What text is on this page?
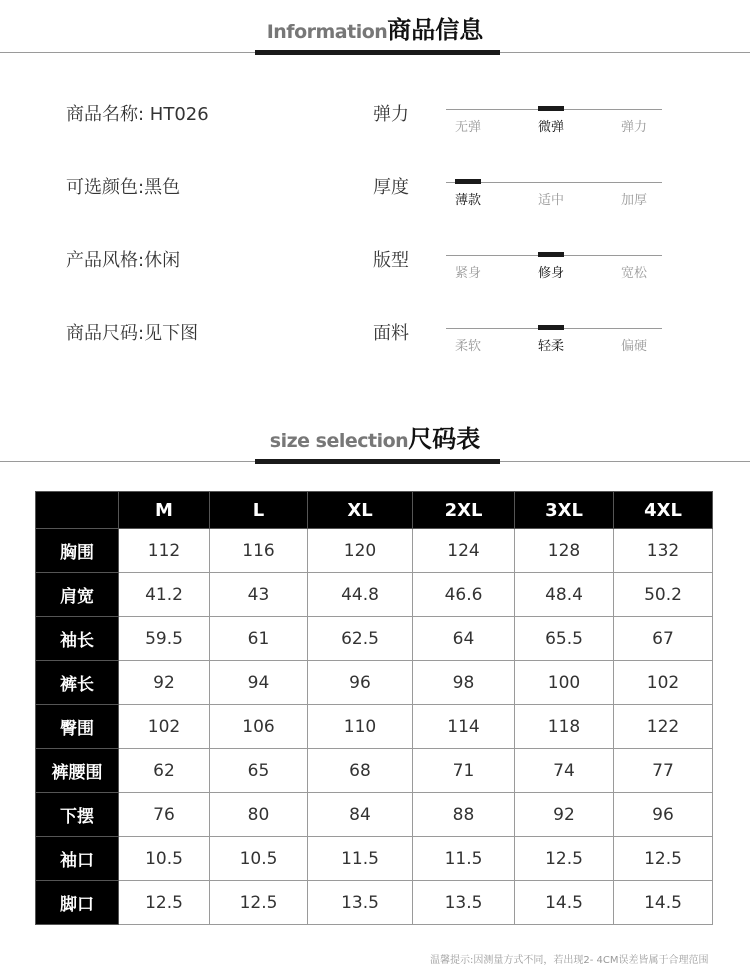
Information商品信息
商品名称: HT026
可选颜色:黑色
产品风格:休闲
商品尺码:见下图
弹力
无弹	微弹	弹力
厚度
薄款	适中	加厚
版型
紧身	修身	宽松
面料
柔软	轻柔	偏硬
size selection尺码表
	M	L	XL	2XL	3XL	4XL
胸围	112	116	120	124	128	132
肩宽	41.2	43	44.8	46.6	48.4	50.2
袖长	59.5	61	62.5	64	65.5	67
裤长	92	94	96	98	100	102
臀围	102	106	110	114	118	122
裤腰围	62	65	68	71	74	77
下摆	76	80	84	88	92	96
袖口	10.5	10.5	11.5	11.5	12.5	12.5
脚口	12.5	12.5	13.5	13.5	14.5	14.5
温馨提示:因测量方式不同，若出现2- 4CM误差皆属于合理范围
